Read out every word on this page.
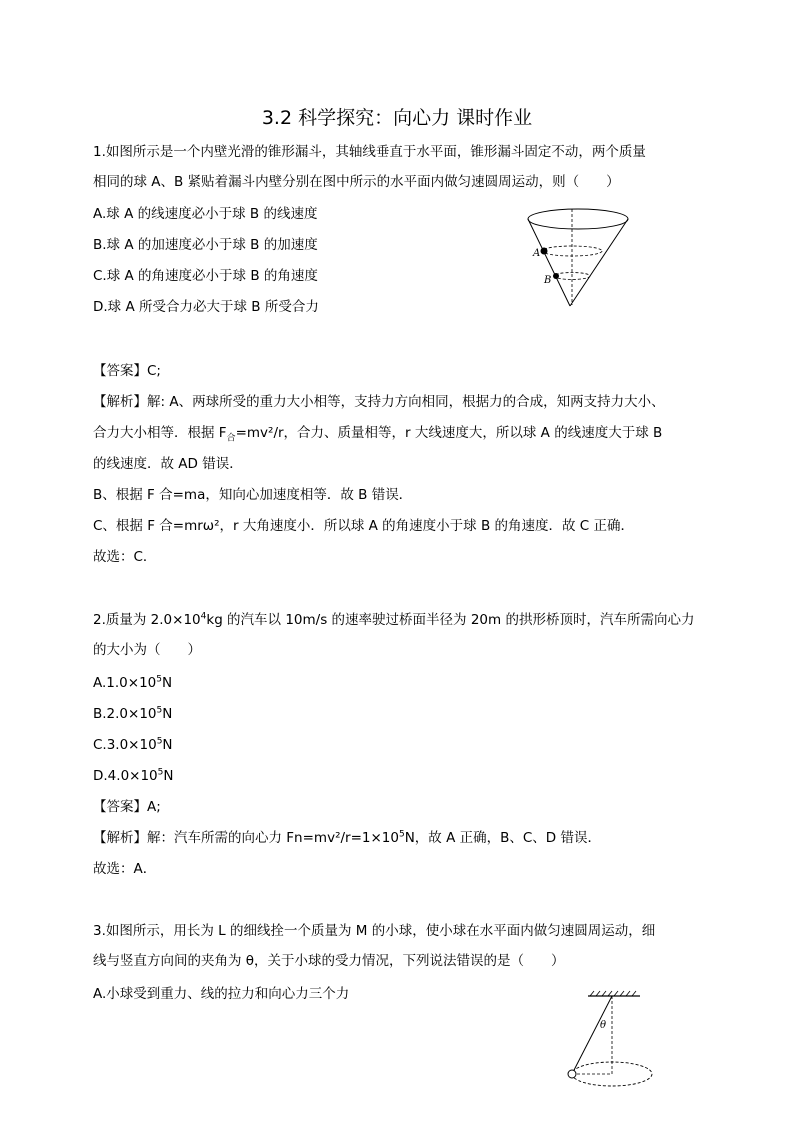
3.2 科学探究：向心力 课时作业
1.如图所示是一个内壁光滑的锥形漏斗，其轴线垂直于水平面，锥形漏斗固定不动，两个质量
相同的球 A、B 紧贴着漏斗内壁分别在图中所示的水平面内做匀速圆周运动，则（　　）
A.球 A 的线速度必小于球 B 的线速度
B.球 A 的加速度必小于球 B 的加速度
C.球 A 的角速度必小于球 B 的角速度
D.球 A 所受合力必大于球 B 所受合力
A
B
【答案】C;
【解析】解: A、两球所受的重力大小相等，支持力方向相同，根据力的合成，知两支持力大小、
合力大小相等．根据 $F_合=mv^2/r$，合力、质量相等，r 大线速度大，所以球 A 的线速度大于球 B
的线速度．故 AD 错误．
B、根据 F 合=ma，知向心加速度相等．故 B 错误．
C、根据 F 合=mrω²，r 大角速度小．所以球 A 的角速度小于球 B 的角速度．故 C 正确．
故选：C．
2.质量为 $2.0\times 10^4kg$ 的汽车以 10m/s 的速率驶过桥面半径为 20m 的拱形桥顶时，汽车所需向心力
的大小为（　　）
$A.1.0\times 10^5N$
$B.2.0\times 10^5N$
$C.3.0\times 10^5N$
$D.4.0\times 10^5N$
【答案】A;
【解析】解：汽车所需的向心力 $Fn=mv^2/r=1\times 10^5N$，故 A 正确，B、C、D 错误．
故选：A．
3.如图所示，用长为 L 的细线拴一个质量为 M 的小球，使小球在水平面内做匀速圆周运动，细
线与竖直方向间的夹角为 θ，关于小球的受力情况，下列说法错误的是（　　）
A.小球受到重力、线的拉力和向心力三个力
θ
